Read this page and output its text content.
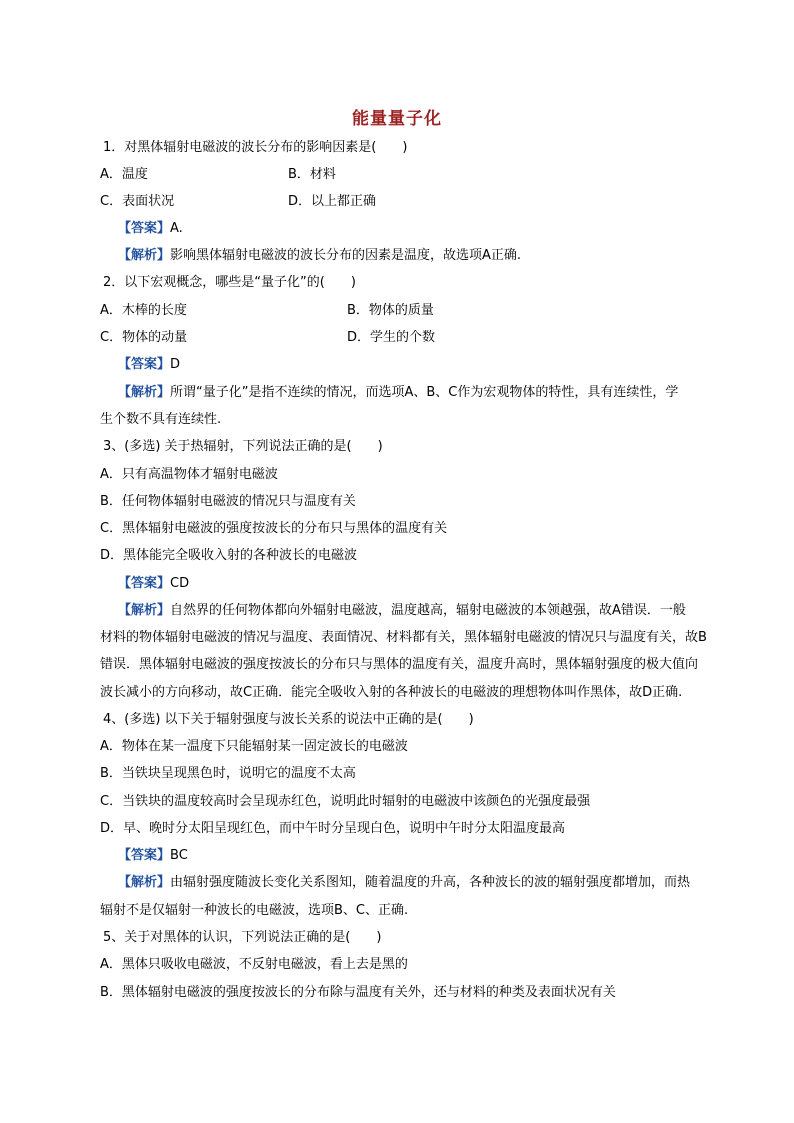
能量量子化
1．对黑体辐射电磁波的波长分布的影响因素是(　　)
A．温度	B．材料
C．表面状况	D．以上都正确
【答案】A.
【解析】影响黑体辐射电磁波的波长分布的因素是温度，故选项A正确.
2．以下宏观概念，哪些是“量子化”的(　　)
A．木棒的长度	B．物体的质量
C．物体的动量	D．学生的个数
【答案】D
【解析】所谓“量子化”是指不连续的情况，而选项A、B、C作为宏观物体的特性，具有连续性，学
生个数不具有连续性.
3、(多选) 关于热辐射，下列说法正确的是(　　)
A．只有高温物体才辐射电磁波
B．任何物体辐射电磁波的情况只与温度有关
C．黑体辐射电磁波的强度按波长的分布只与黑体的温度有关
D．黑体能完全吸收入射的各种波长的电磁波
【答案】CD
【解析】自然界的任何物体都向外辐射电磁波，温度越高，辐射电磁波的本领越强，故A错误．一般
材料的物体辐射电磁波的情况与温度、表面情况、材料都有关，黑体辐射电磁波的情况只与温度有关，故B
错误．黑体辐射电磁波的强度按波长的分布只与黑体的温度有关，温度升高时，黑体辐射强度的极大值向
波长减小的方向移动，故C正确．能完全吸收入射的各种波长的电磁波的理想物体叫作黑体，故D正确.
4、(多选) 以下关于辐射强度与波长关系的说法中正确的是(　　)
A．物体在某一温度下只能辐射某一固定波长的电磁波
B．当铁块呈现黑色时，说明它的温度不太高
C．当铁块的温度较高时会呈现赤红色，说明此时辐射的电磁波中该颜色的光强度最强
D．早、晚时分太阳呈现红色，而中午时分呈现白色，说明中午时分太阳温度最高
【答案】BC
【解析】由辐射强度随波长变化关系图知，随着温度的升高，各种波长的波的辐射强度都增加，而热
辐射不是仅辐射一种波长的电磁波，选项B、C、正确.
5、关于对黑体的认识，下列说法正确的是(　　)
A．黑体只吸收电磁波，不反射电磁波，看上去是黑的
B．黑体辐射电磁波的强度按波长的分布除与温度有关外，还与材料的种类及表面状况有关
